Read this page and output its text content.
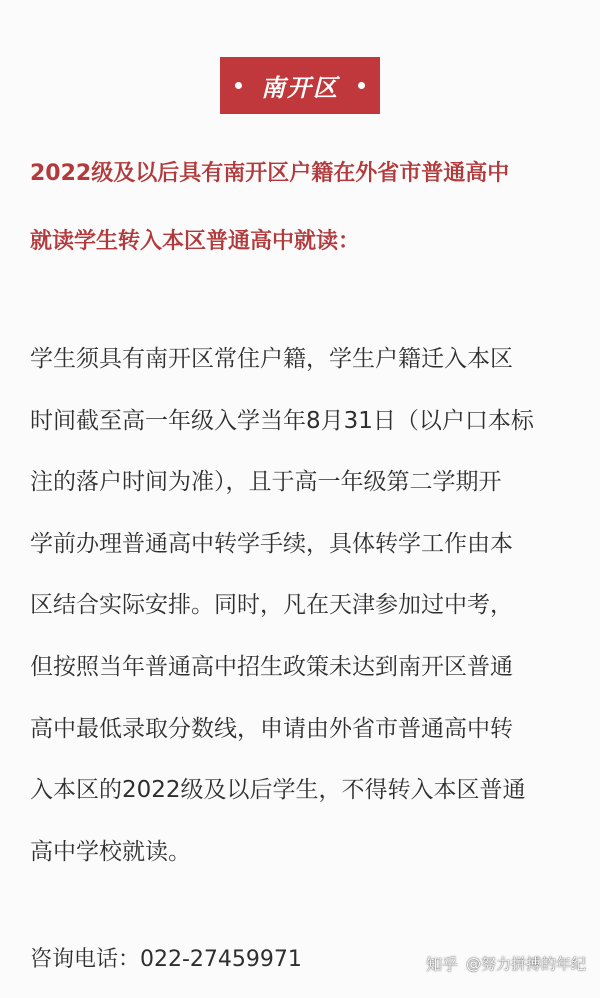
南开区
2022级及以后具有南开区户籍在外省市普通高中
就读学生转入本区普通高中就读：
学生须具有南开区常住户籍，学生户籍迁入本区
时间截至高一年级入学当年8月31日（以户口本标
注的落户时间为准），且于高一年级第二学期开
学前办理普通高中转学手续，具体转学工作由本
区结合实际安排。同时，凡在天津参加过中考，
但按照当年普通高中招生政策未达到南开区普通
高中最低录取分数线，申请由外省市普通高中转
入本区的2022级及以后学生，不得转入本区普通
高中学校就读。
咨询电话：022-27459971	知乎 @努力拼搏的年纪
